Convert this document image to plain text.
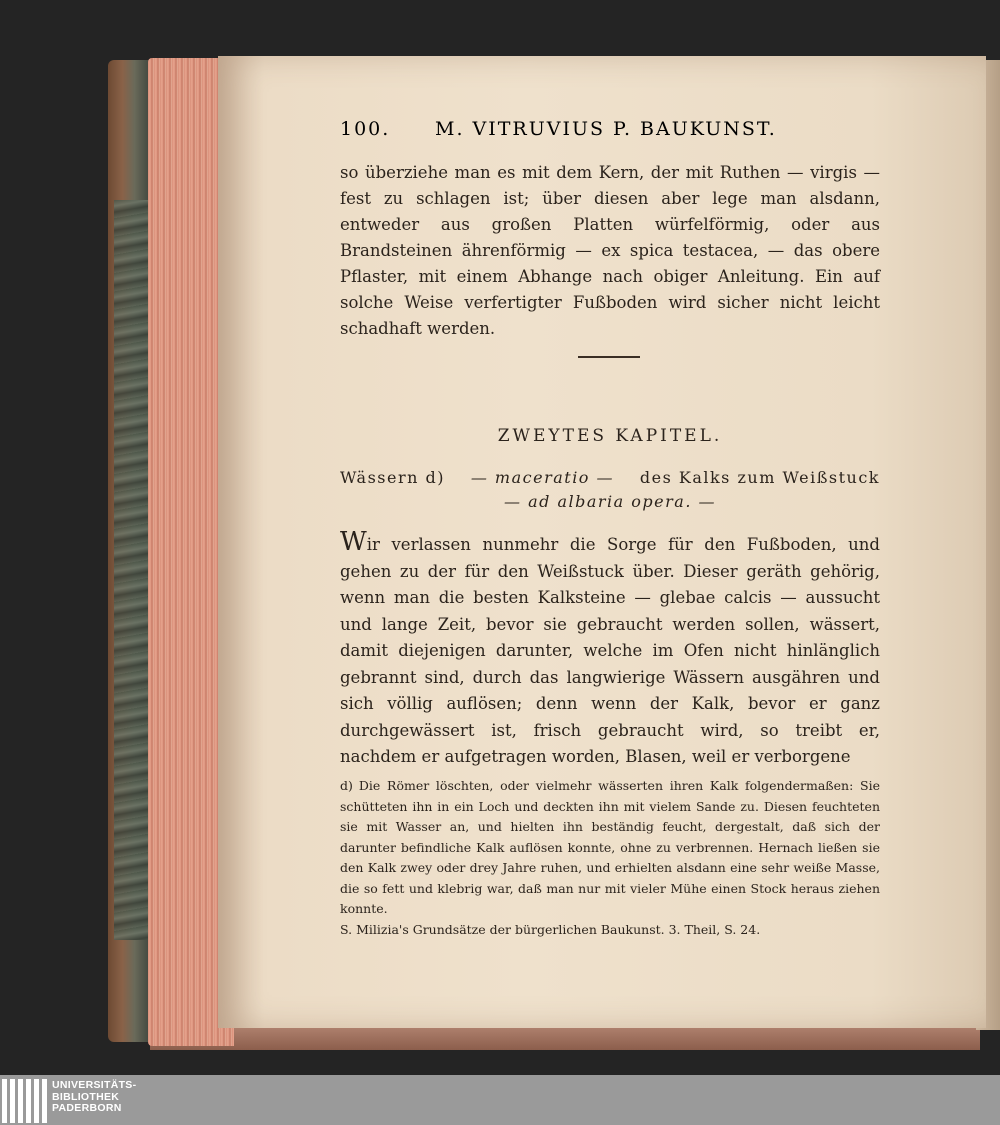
100. M. VITRUVIUS P. BAUKUNST.

so überziehe man es mit dem Kern, der mit Ruthen — virgis — fest zu schlagen ist; über diesen aber lege man alsdann, entweder aus großen Platten würfelförmig, oder aus Brandsteinen ährenförmig — ex spica testacea, — das obere Pflaster, mit einem Abhange nach obiger Anleitung. Ein auf solche Weise verfertigter Fußboden wird sicher nicht leicht schadhaft werden.

ZWEYTES KAPITEL.
Wässern d) — maceratio — des Kalks zum Weißstuck
— ad albaria opera. —
Wir verlassen nunmehr die Sorge für den Fußboden, und gehen zu der für den Weißstuck über. Dieser geräth gehörig, wenn man die besten Kalksteine — glebae calcis — aussucht und lange Zeit, bevor sie gebraucht werden sollen, wässert, damit diejenigen darunter, welche im Ofen nicht hinlänglich gebrannt sind, durch das langwierige Wässern ausgähren und sich völlig auflösen; denn wenn der Kalk, bevor er ganz durchgewässert ist, frisch gebraucht wird, so treibt er, nachdem er aufgetragen worden, Blasen, weil er verborgene
d) Die Römer löschten, oder vielmehr wässerten ihren Kalk folgendermaßen: Sie schütteten ihn in ein Loch und deckten ihn mit vielem Sande zu. Diesen feuchteten sie mit Wasser an, und hielten ihn beständig feucht, dergestalt, daß sich der darunter befindliche Kalk auflösen konnte, ohne zu verbrennen. Hernach ließen sie den Kalk zwey oder drey Jahre ruhen, und erhielten alsdann eine sehr weiße Masse, die so fett und klebrig war, daß man nur mit vieler Mühe einen Stock heraus ziehen konnte.
S. Milizia's Grundsätze der bürgerlichen Baukunst. 3. Theil, S. 24.
UNIVERSITÄTS-
BIBLIOTHEK
PADERBORN
